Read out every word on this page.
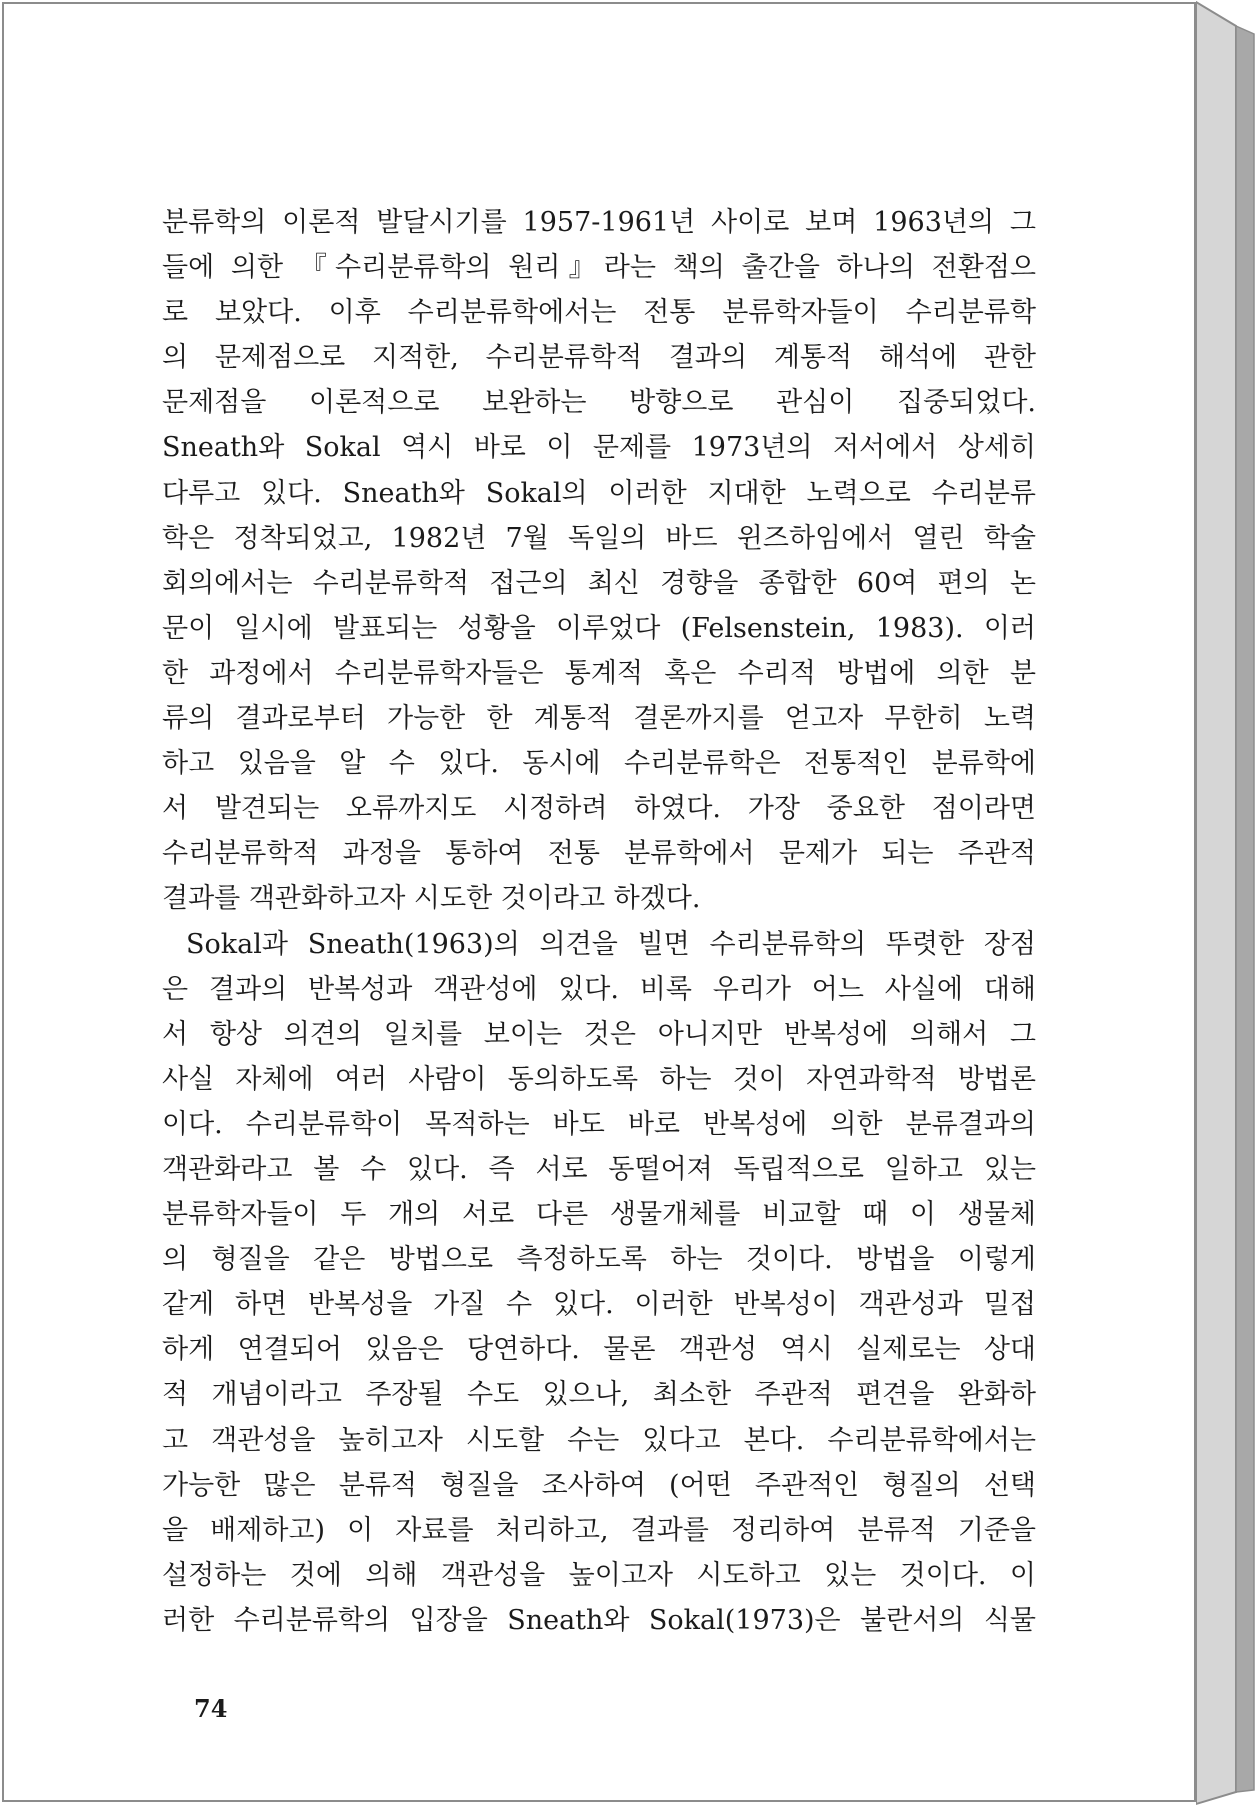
분류학의 이론적 발달시기를 1957-1961년 사이로 보며 1963년의 그
들에 의한 『수리분류학의 원리』라는 책의 출간을 하나의 전환점으
로 보았다. 이후 수리분류학에서는 전통 분류학자들이 수리분류학
의 문제점으로 지적한, 수리분류학적 결과의 계통적 해석에 관한
문제점을 이론적으로 보완하는 방향으로 관심이 집중되었다.
Sneath와 Sokal 역시 바로 이 문제를 1973년의 저서에서 상세히
다루고 있다. Sneath와 Sokal의 이러한 지대한 노력으로 수리분류
학은 정착되었고, 1982년 7월 독일의 바드 윈즈하임에서 열린 학술
회의에서는 수리분류학적 접근의 최신 경향을 종합한 60여 편의 논
문이 일시에 발표되는 성황을 이루었다 (Felsenstein, 1983). 이러
한 과정에서 수리분류학자들은 통계적 혹은 수리적 방법에 의한 분
류의 결과로부터 가능한 한 계통적 결론까지를 얻고자 무한히 노력
하고 있음을 알 수 있다. 동시에 수리분류학은 전통적인 분류학에
서 발견되는 오류까지도 시정하려 하였다. 가장 중요한 점이라면
수리분류학적 과정을 통하여 전통 분류학에서 문제가 되는 주관적
결과를 객관화하고자 시도한 것이라고 하겠다.
Sokal과 Sneath(1963)의 의견을 빌면 수리분류학의 뚜렷한 장점
은 결과의 반복성과 객관성에 있다. 비록 우리가 어느 사실에 대해
서 항상 의견의 일치를 보이는 것은 아니지만 반복성에 의해서 그
사실 자체에 여러 사람이 동의하도록 하는 것이 자연과학적 방법론
이다. 수리분류학이 목적하는 바도 바로 반복성에 의한 분류결과의
객관화라고 볼 수 있다. 즉 서로 동떨어져 독립적으로 일하고 있는
분류학자들이 두 개의 서로 다른 생물개체를 비교할 때 이 생물체
의 형질을 같은 방법으로 측정하도록 하는 것이다. 방법을 이렇게
같게 하면 반복성을 가질 수 있다. 이러한 반복성이 객관성과 밀접
하게 연결되어 있음은 당연하다. 물론 객관성 역시 실제로는 상대
적 개념이라고 주장될 수도 있으나, 최소한 주관적 편견을 완화하
고 객관성을 높히고자 시도할 수는 있다고 본다. 수리분류학에서는
가능한 많은 분류적 형질을 조사하여 (어떤 주관적인 형질의 선택
을 배제하고) 이 자료를 처리하고, 결과를 정리하여 분류적 기준을
설정하는 것에 의해 객관성을 높이고자 시도하고 있는 것이다. 이
러한 수리분류학의 입장을 Sneath와 Sokal(1973)은 불란서의 식물
74
